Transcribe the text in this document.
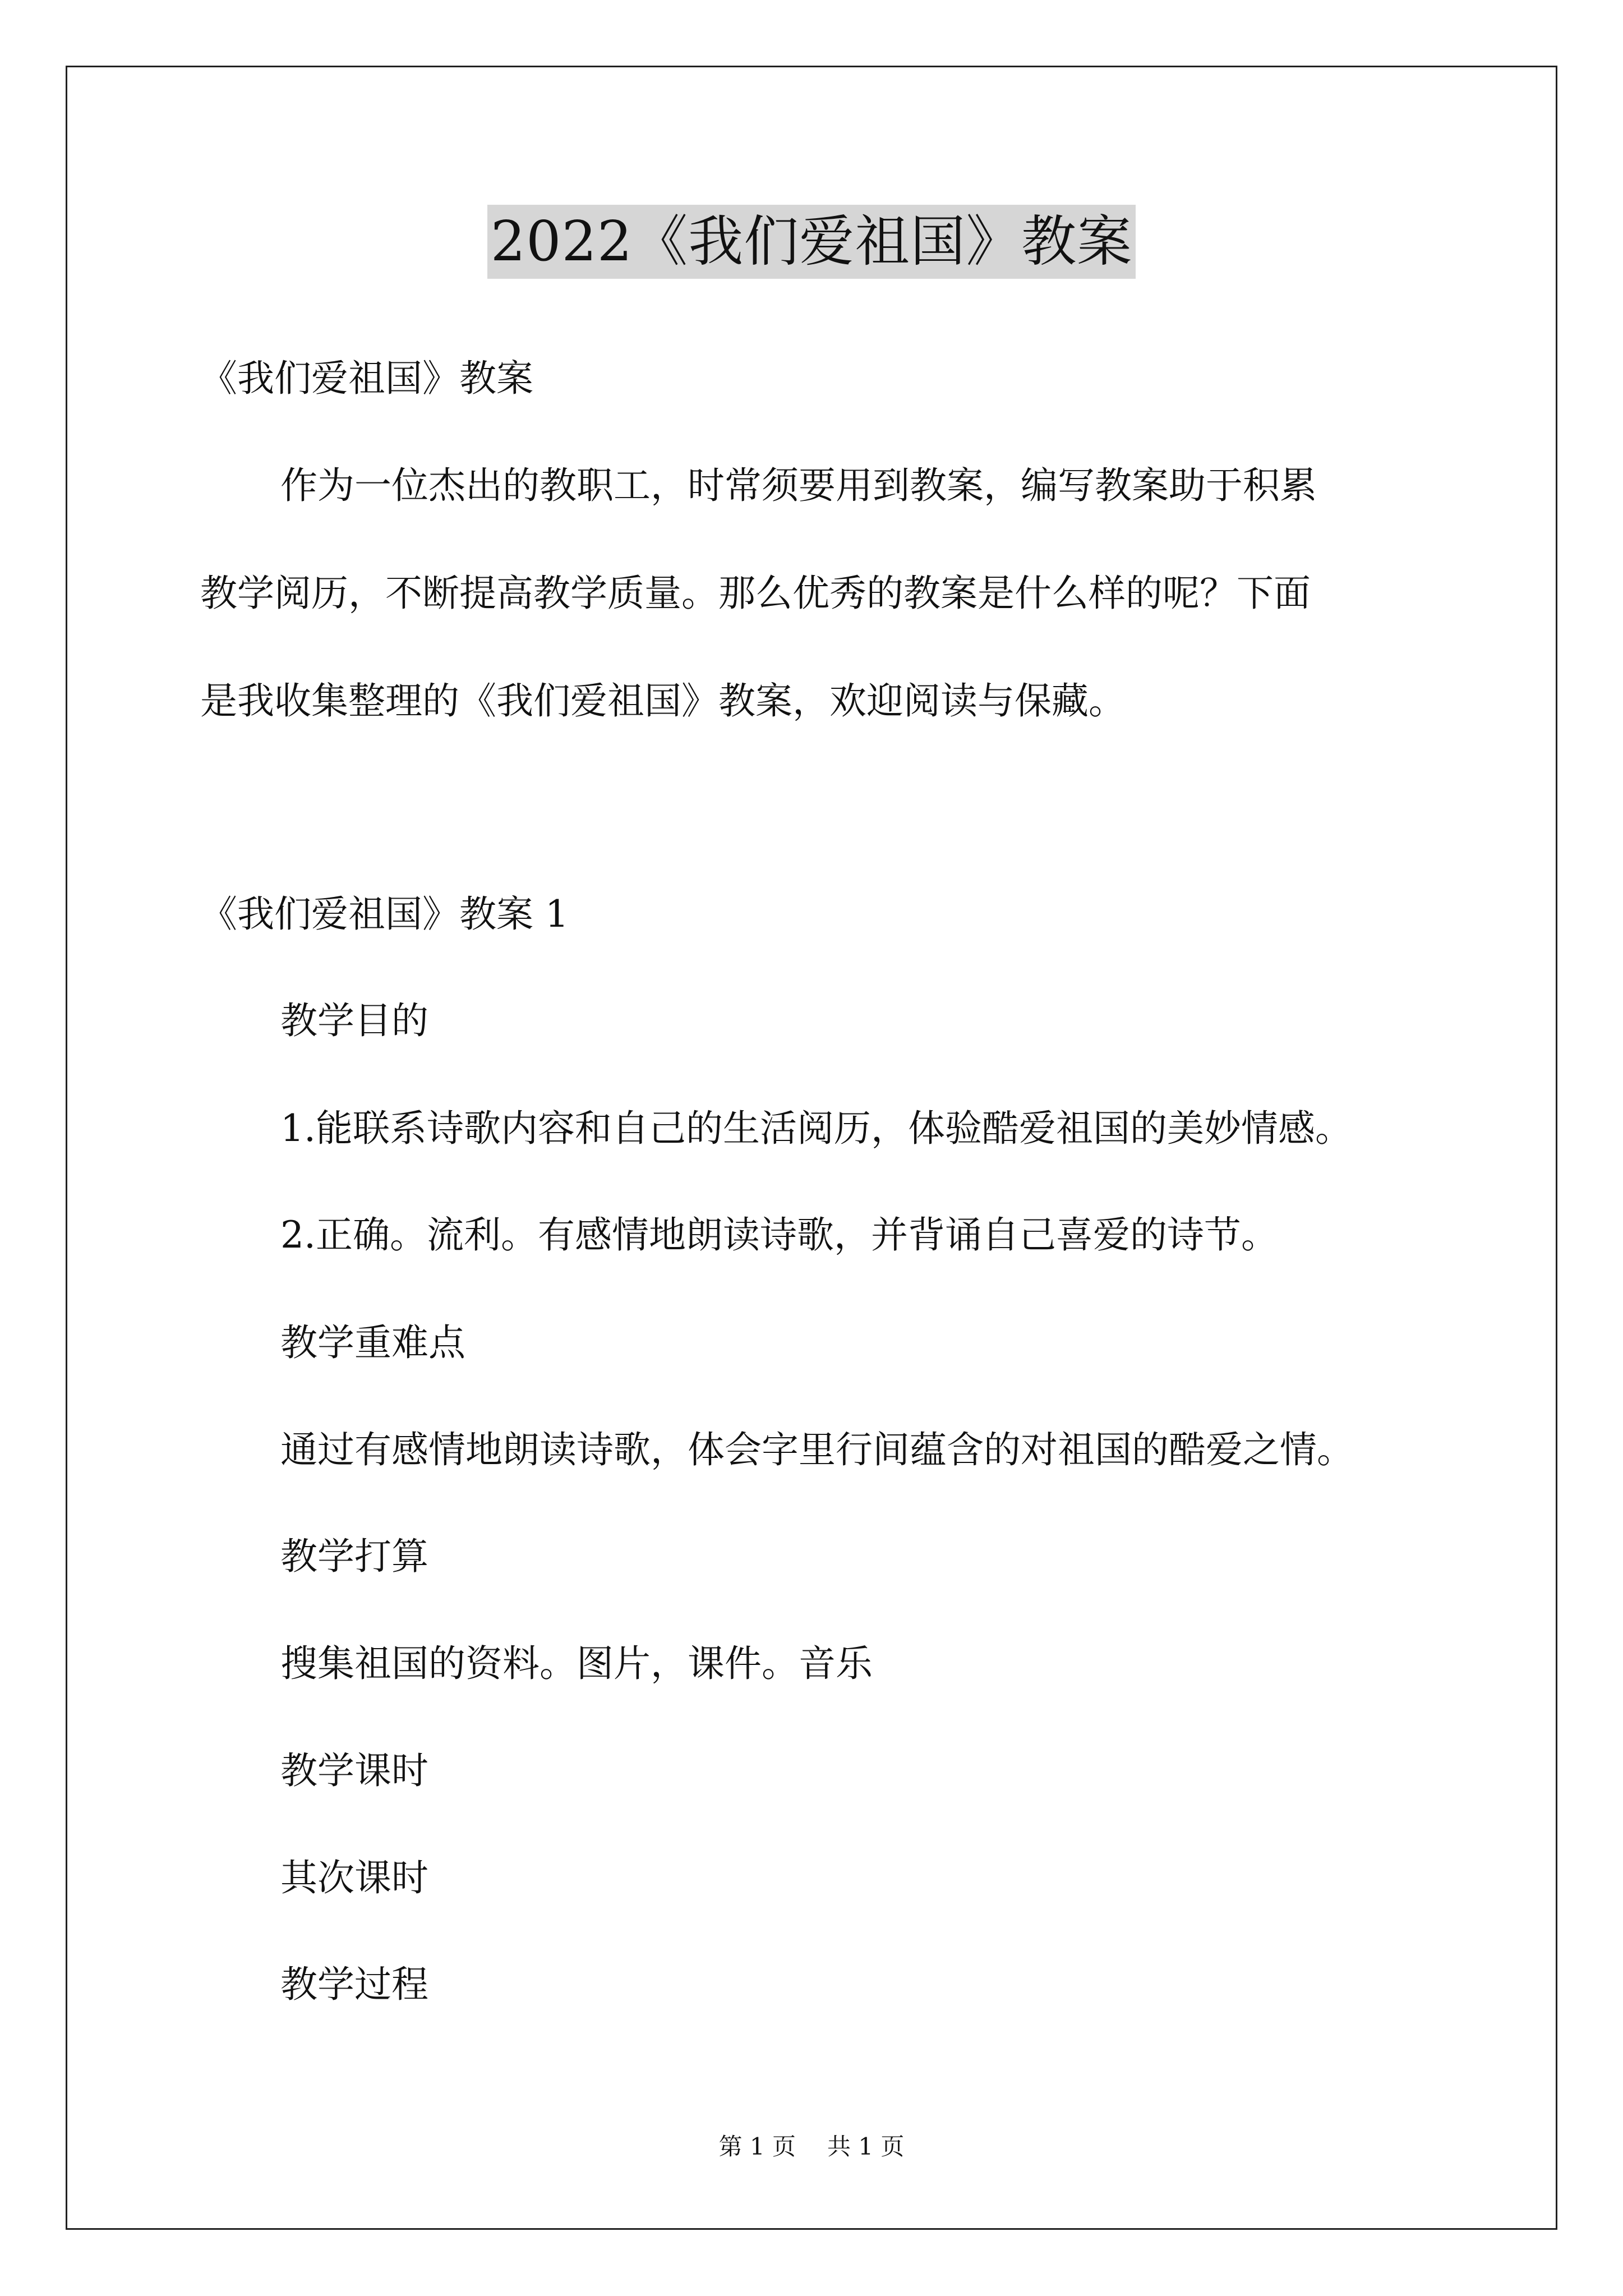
2022《我们爱祖国》教案
《我们爱祖国》教案
作为一位杰出的教职工，时常须要用到教案，编写教案助于积累
教学阅历，不断提高教学质量。那么优秀的教案是什么样的呢？下面
是我收集整理的《我们爱祖国》教案，欢迎阅读与保藏。
《我们爱祖国》教案 1
教学目的
1.能联系诗歌内容和自己的生活阅历，体验酷爱祖国的美妙情感。
2.正确。流利。有感情地朗读诗歌，并背诵自己喜爱的诗节。
教学重难点
通过有感情地朗读诗歌，体会字里行间蕴含的对祖国的酷爱之情。
教学打算
搜集祖国的资料。图片，课件。音乐
教学课时
其次课时
教学过程
第 1 页 共 1 页
